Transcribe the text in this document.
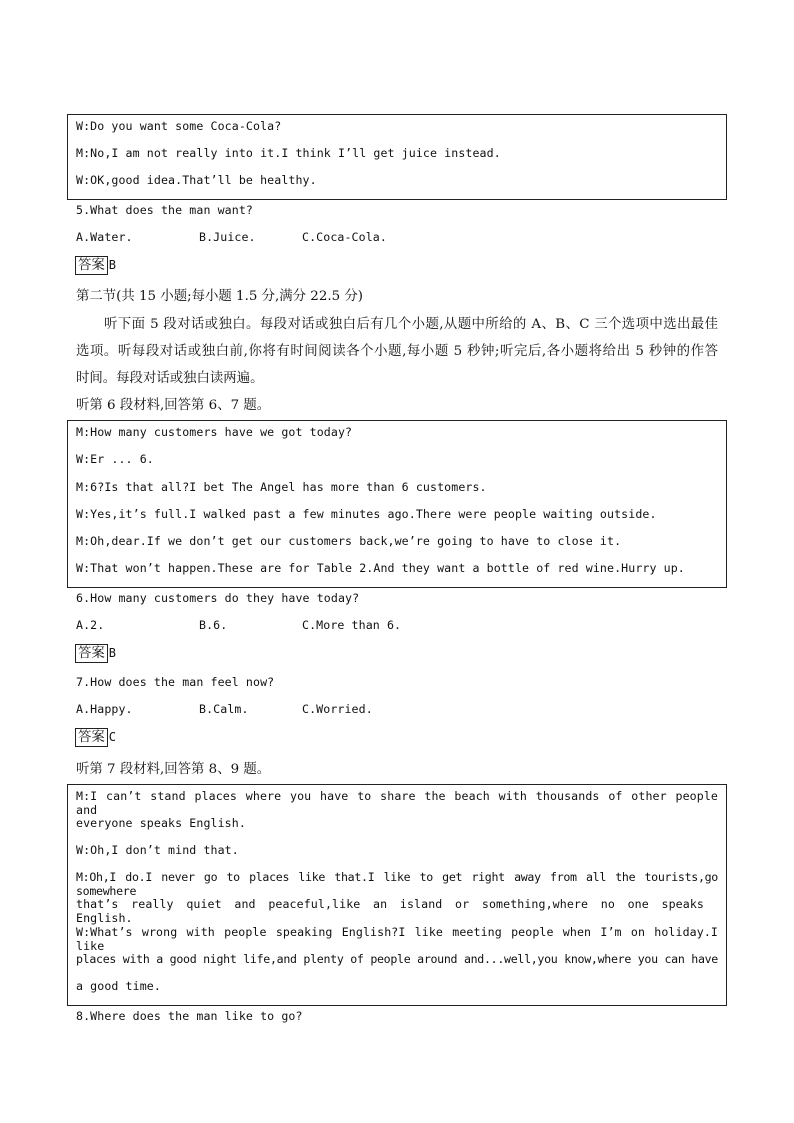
W:Do you want some Coca-Cola?
M:No,I am not really into it.I think I’ll get juice instead.
W:OK,good idea.That’ll be healthy.
5.What does the man want?
A.Water.	B.Juice.	C.Coca-Cola.
答案 B
第二节(共 15 小题;每小题 1.5 分,满分 22.5 分)
听下面 5 段对话或独白。每段对话或独白后有几个小题,从题中所给的 A、B、C 三个选项中选出最佳
选项。听每段对话或独白前,你将有时间阅读各个小题,每小题 5 秒钟;听完后,各小题将给出 5 秒钟的作答
时间。每段对话或独白读两遍。
听第 6 段材料,回答第 6、7 题。
M:How many customers have we got today?
W:Er ... 6.
M:6?Is that all?I bet The Angel has more than 6 customers.
W:Yes,it’s full.I walked past a few minutes ago.There were people waiting outside.
M:Oh,dear.If we don’t get our customers back,we’re going to have to close it.
W:That won’t happen.These are for Table 2.And they want a bottle of red wine.Hurry up.
6.How many customers do they have today?
A.2.	B.6.	C.More than 6.
答案 B
7.How does the man feel now?
A.Happy.	B.Calm.	C.Worried.
答案 C
听第 7 段材料,回答第 8、9 题。
M:I can’t stand places where you have to share the beach with thousands of other people and
everyone speaks English.
W:Oh,I don’t mind that.
M:Oh,I do.I never go to places like that.I like to get right away from all the tourists,go somewhere
that’s really quiet and peaceful,like an island or something,where no one speaks English.
W:What’s wrong with people speaking English?I like meeting people when I’m on holiday.I like
places with a good night life,and plenty of people around and...well,you know,where you can have
a good time.
8.Where does the man like to go?
